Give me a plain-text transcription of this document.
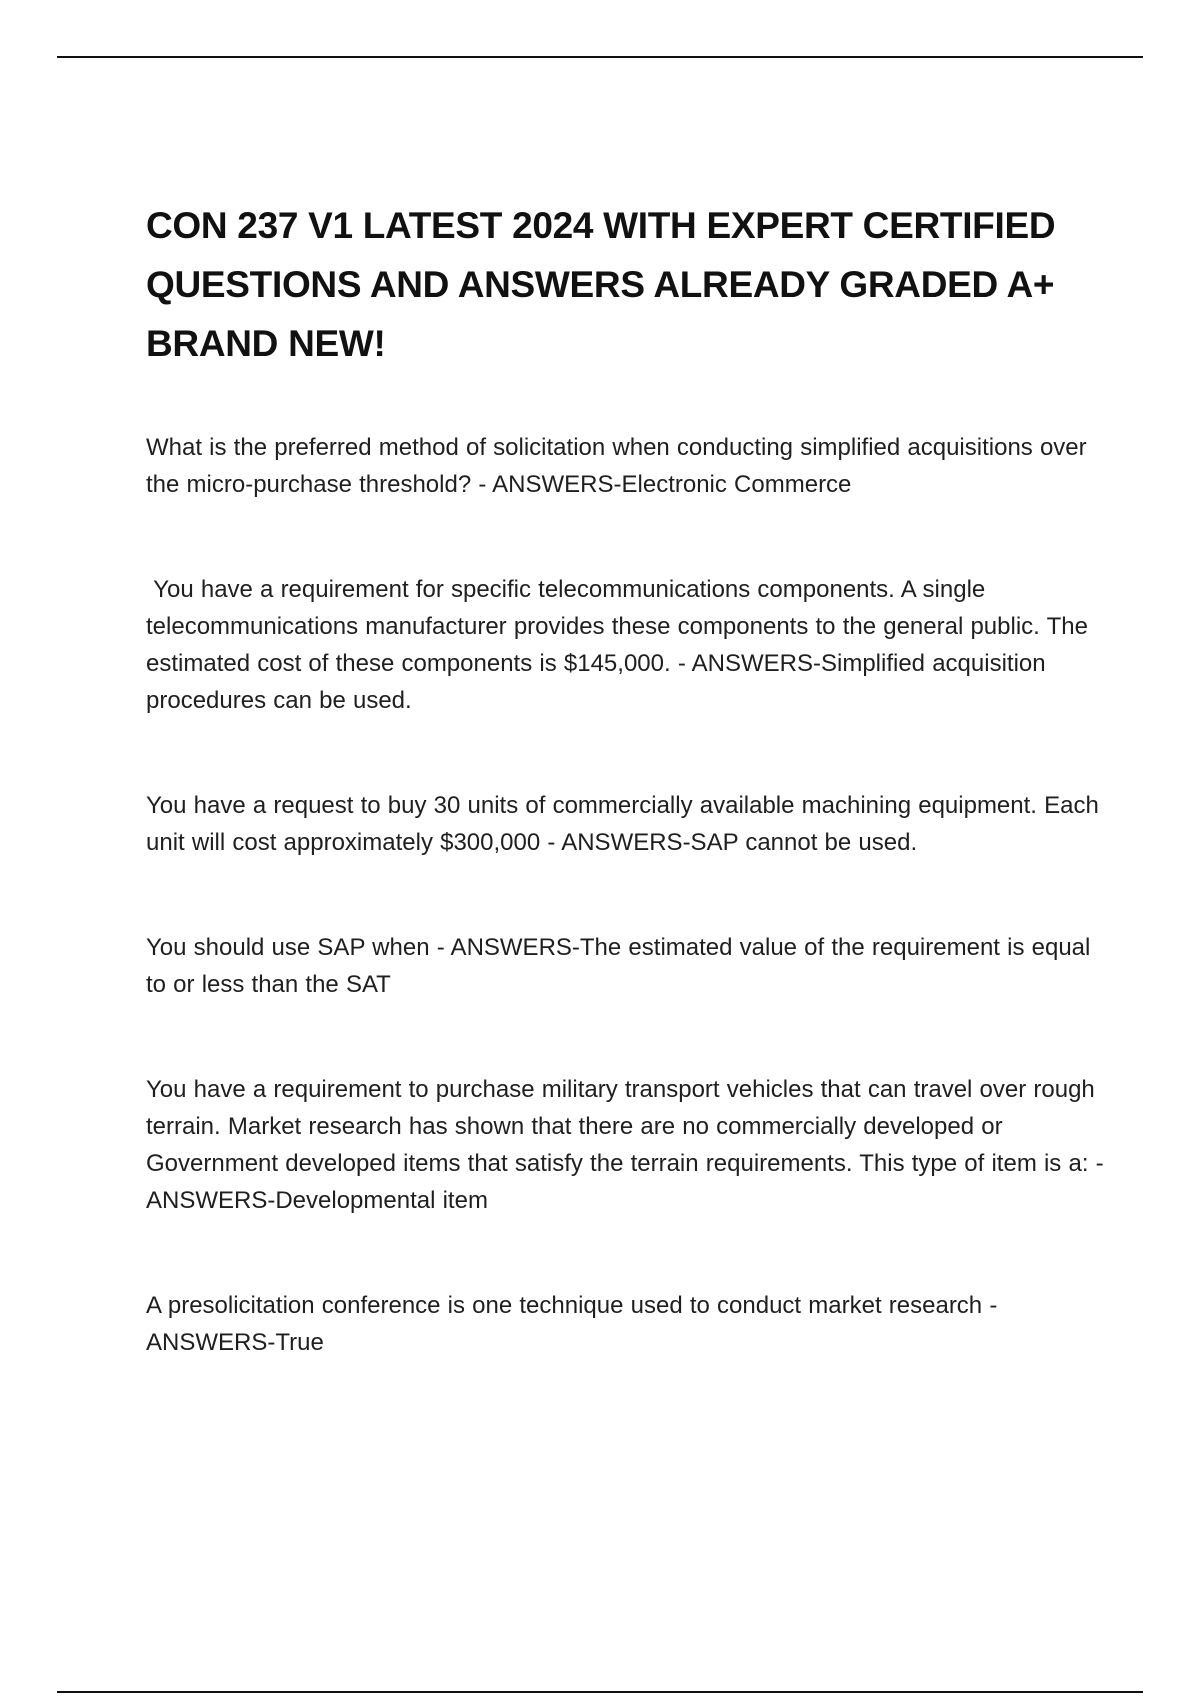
CON 237 V1 LATEST 2024 WITH EXPERT CERTIFIED QUESTIONS AND ANSWERS ALREADY GRADED A+ BRAND NEW!
What is the preferred method of solicitation when conducting simplified acquisitions over the micro-purchase threshold? - ANSWERS-Electronic Commerce
You have a requirement for specific telecommunications components. A single telecommunications manufacturer provides these components to the general public. The estimated cost of these components is $145,000. - ANSWERS-Simplified acquisition procedures can be used.
You have a request to buy 30 units of commercially available machining equipment. Each unit will cost approximately $300,000 - ANSWERS-SAP cannot be used.
You should use SAP when - ANSWERS-The estimated value of the requirement is equal to or less than the SAT
You have a requirement to purchase military transport vehicles that can travel over rough terrain. Market research has shown that there are no commercially developed or Government developed items that satisfy the terrain requirements. This type of item is a: - ANSWERS-Developmental item
A presolicitation conference is one technique used to conduct market research - ANSWERS-True
